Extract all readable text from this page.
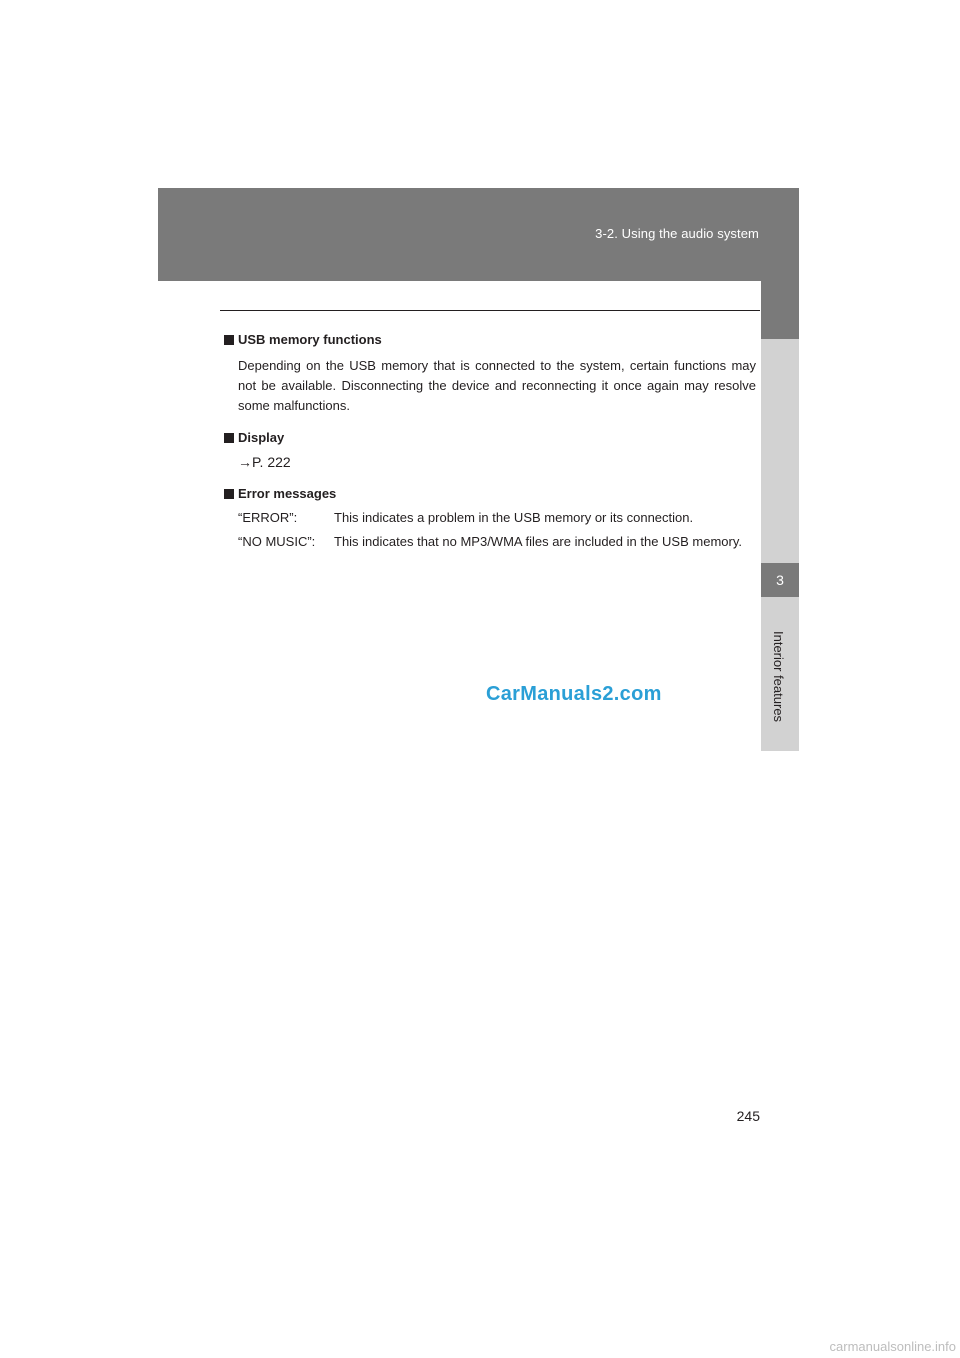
3-2. Using the audio system
3
Interior features

USB memory functions

Depending on the USB memory that is connected to the system, certain functions may not be available. Disconnecting the device and reconnecting it once again may resolve some malfunctions.

Display

→P. 222

Error messages

“ERROR”:	This indicates a problem in the USB memory or its connection.
“NO MUSIC”:	This indicates that no MP3/WMA files are included in the USB memory.
CarManuals2.com
245
carmanualsonline.info
